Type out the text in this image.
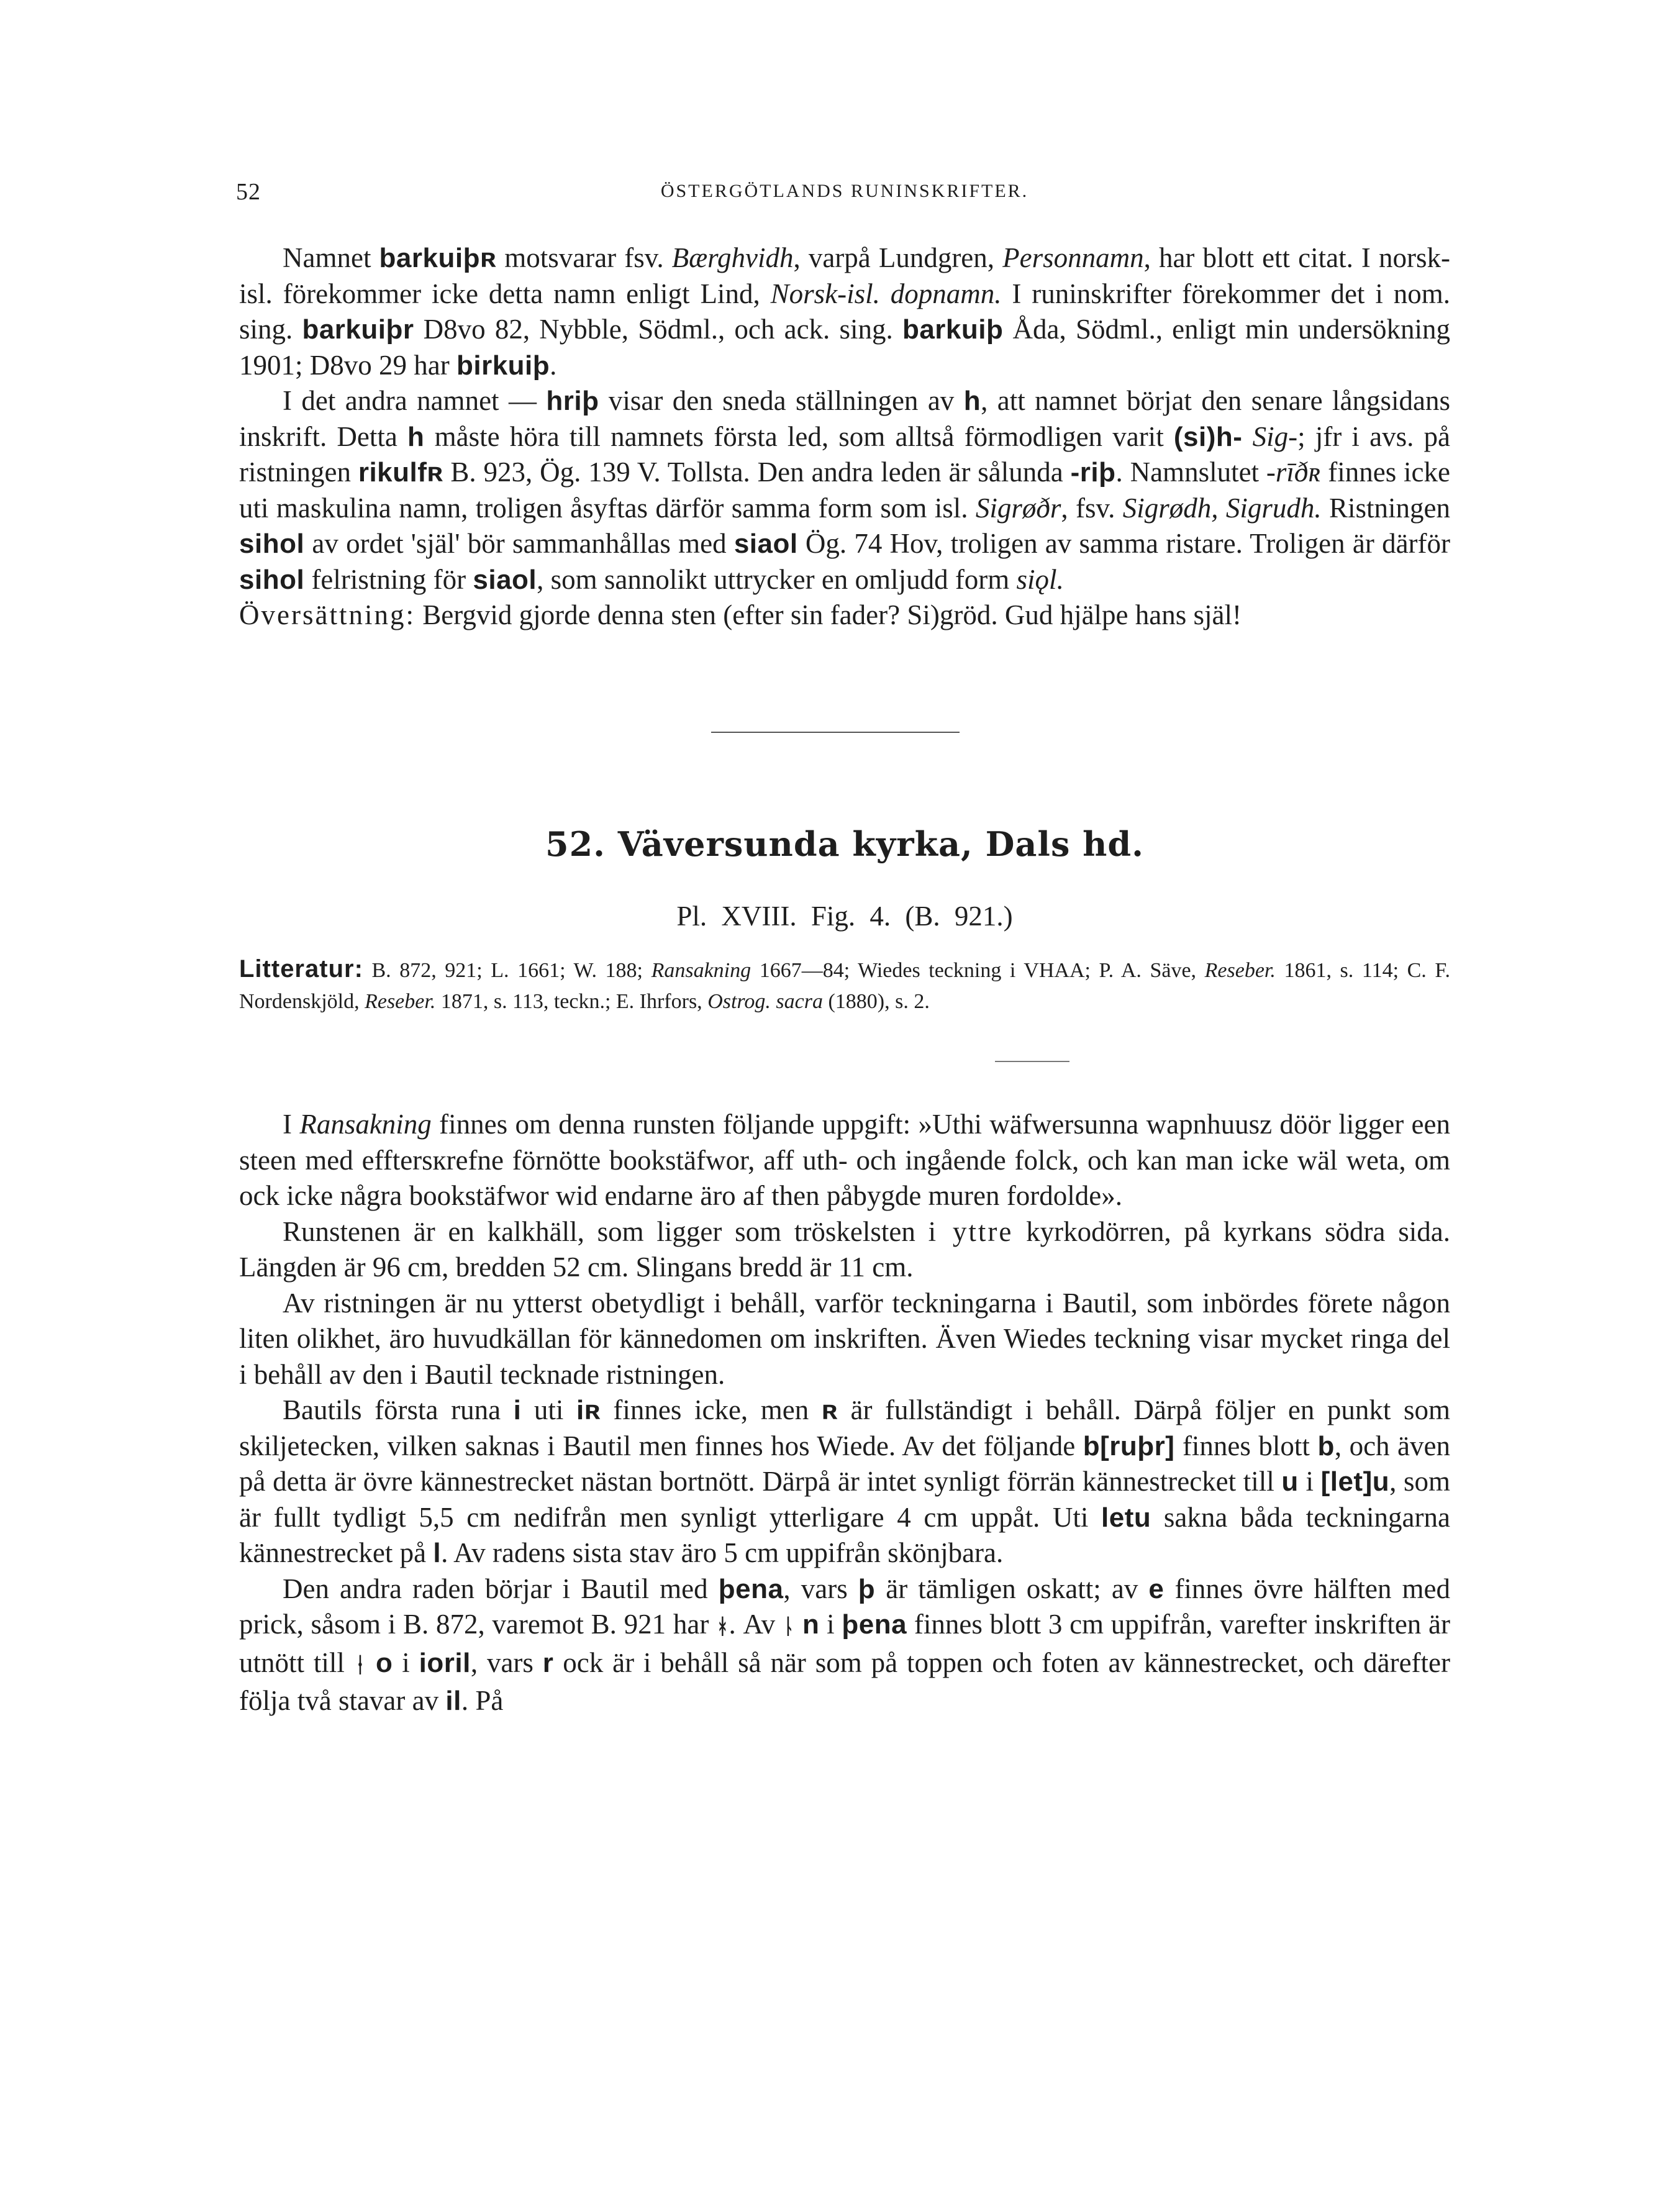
52	ÖSTERGÖTLANDS RUNINSKRIFTER.

Namnet barkuiþʀ motsvarar fsv. Bærghvidh, varpå Lundgren, Personnamn, har blott ett citat. I norsk-isl. förekommer icke detta namn enligt Lind, Norsk-isl. dopnamn. I runinskrifter förekommer det i nom. sing. barkuiþr D8vo 82, Nybble, Södml., och ack. sing. barkuiþ Åda, Södml., enligt min undersökning 1901; D8vo 29 har birkuiþ.

I det andra namnet — hriþ visar den sneda ställningen av h, att namnet börjat den senare långsidans inskrift. Detta h måste höra till namnets första led, som alltså förmodligen varit (si)h- Sig-; jfr i avs. på ristningen rikulfʀ B. 923, Ög. 139 V. Tollsta. Den andra leden är sålunda -riþ. Namnslutet -rīðʀ finnes icke uti maskulina namn, troligen åsyftas därför samma form som isl. Sigrøðr, fsv. Sigrødh, Sigrudh. Ristningen sihol av ordet 'själ' bör sammanhållas med siaol Ög. 74 Hov, troligen av samma ristare. Troligen är därför sihol felristning för siaol, som sannolikt uttrycker en omljudd form siǫl.

Översättning: Bergvid gjorde denna sten (efter sin fader? Si)gröd. Gud hjälpe hans själ!

52. Väversunda kyrka, Dals hd.
Pl. XVIII. Fig. 4. (B. 921.)
Litteratur: B. 872, 921; L. 1661; W. 188; Ransakning 1667—84; Wiedes teckning i VHAA; P. A. Säve, Reseber. 1861, s. 114; C. F. Nordenskjöld, Reseber. 1871, s. 113, teckn.; E. Ihrfors, Ostrog. sacra (1880), s. 2.

I Ransakning finnes om denna runsten följande uppgift: »Uthi wäfwersunna wapnhuusz döör ligger een steen med efftersкrefne förnötte bookstäfwor, aff uth- och ingående folck, och kan man icke wäl weta, om ock icke några bookstäfwor wid endarne äro af then påbygde muren fordolde».

Runstenen är en kalkhäll, som ligger som tröskelsten i yttre kyrkodörren, på kyrkans södra sida. Längden är 96 cm, bredden 52 cm. Slingans bredd är 11 cm.

Av ristningen är nu ytterst obetydligt i behåll, varför teckningarna i Bautil, som inbördes förete någon liten olikhet, äro huvudkällan för kännedomen om inskriften. Även Wiedes teckning visar mycket ringa del i behåll av den i Bautil tecknade ristningen.

Bautils första runa i uti iʀ finnes icke, men ʀ är fullständigt i behåll. Därpå följer en punkt som skiljetecken, vilken saknas i Bautil men finnes hos Wiede. Av det följande b[ruþr] finnes blott b, och även på detta är övre kännestrecket nästan bortnött. Därpå är intet synligt förrän kännestrecket till u i [let]u, som är fullt tydligt 5,5 cm nedifrån men synligt ytterligare 4 cm uppåt. Uti letu sakna båda teckningarna kännestrecket på l. Av radens sista stav äro 5 cm uppifrån skönjbara.

Den andra raden börjar i Bautil med þena, vars þ är tämligen oskatt; av e finnes övre hälften med prick, såsom i B. 872, varemot B. 921 har ᚼ. Av ᚿ n i þena finnes blott 3 cm uppifrån, varefter inskriften är utnött till ᚽ o i ioril, vars r ock är i behåll så när som på toppen och foten av kännestrecket, och därefter följa två stavar av il. På
